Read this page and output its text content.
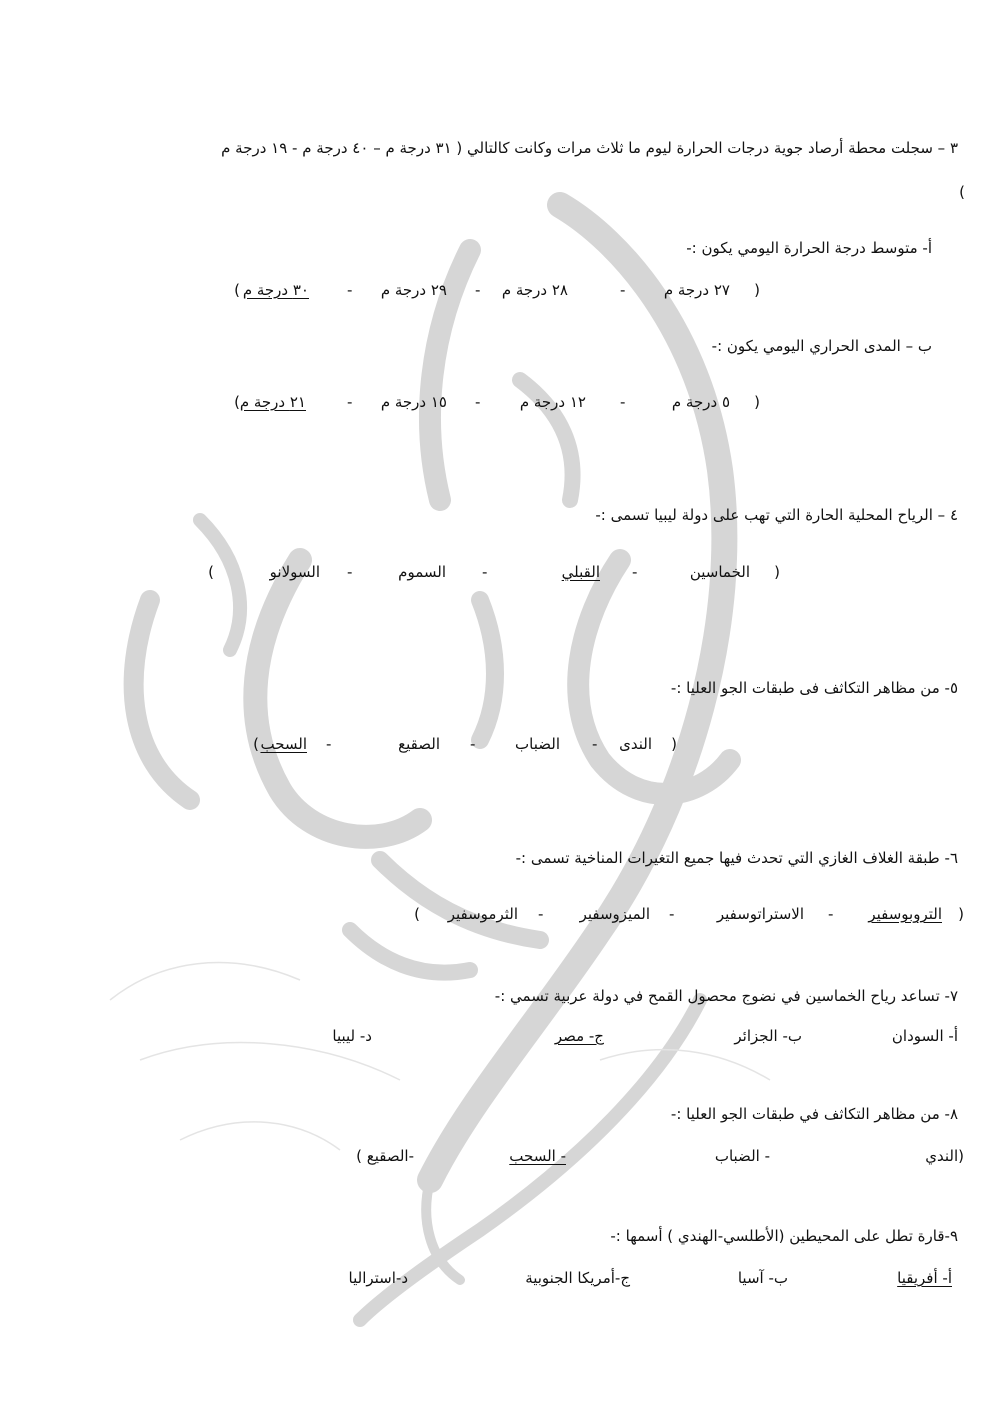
٣ – سجلت محطة أرصاد جوية درجات الحرارة ليوم ما ثلاث مرات وكانت كالتالي ( ٣١ درجة م – ٤٠ درجة م - ١٩ درجة م
)
أ- متوسط درجة الحرارة اليومي يكون :-
(
٢٧ درجة م
-	٢٨ درجة م
-
٢٩ درجة م	-
٣٠ درجة م
)
ب – المدى الحراري اليومي يكون :-
(
٥ درجة م
-	١٢ درجة م
-
١٥ درجة م	-
٢١ درجة م
)
٤ – الرياح المحلية الحارة التي تهب على دولة ليبيا تسمى :-
(
الخماسين
-	القبلي
-
السموم	-
السولانو
)
٥- من مظاهر التكاثف فى طبقات الجو العليا :-
) السحب -	الصقيع -	الضباب - الندى (
٦- طبقة الغلاف الغازي التي تحدث فيها جميع التغيرات المناخية تسمى :-
(
التروبوسفير
-
الاستراتوسفير
-
الميزوسفير
-
الثرموسفير
)
٧- تساعد رياح الخماسين في نضوج محصول القمح في دولة عربية تسمي :-
أ- السودان
ب- الجزائر
ج- مصر
د- ليبيا
٨- من مظاهر التكاثف في طبقات الجو العليا :-
(الندي
- الضباب
- السحب
-الصقيع )
٩-قارة تطل على المحيطين (الأطلسي-الهندي ) أسمها :-
أ- أفريقيا
ب- آسيا
ج-أمريكا الجنوبية
د-استراليا
